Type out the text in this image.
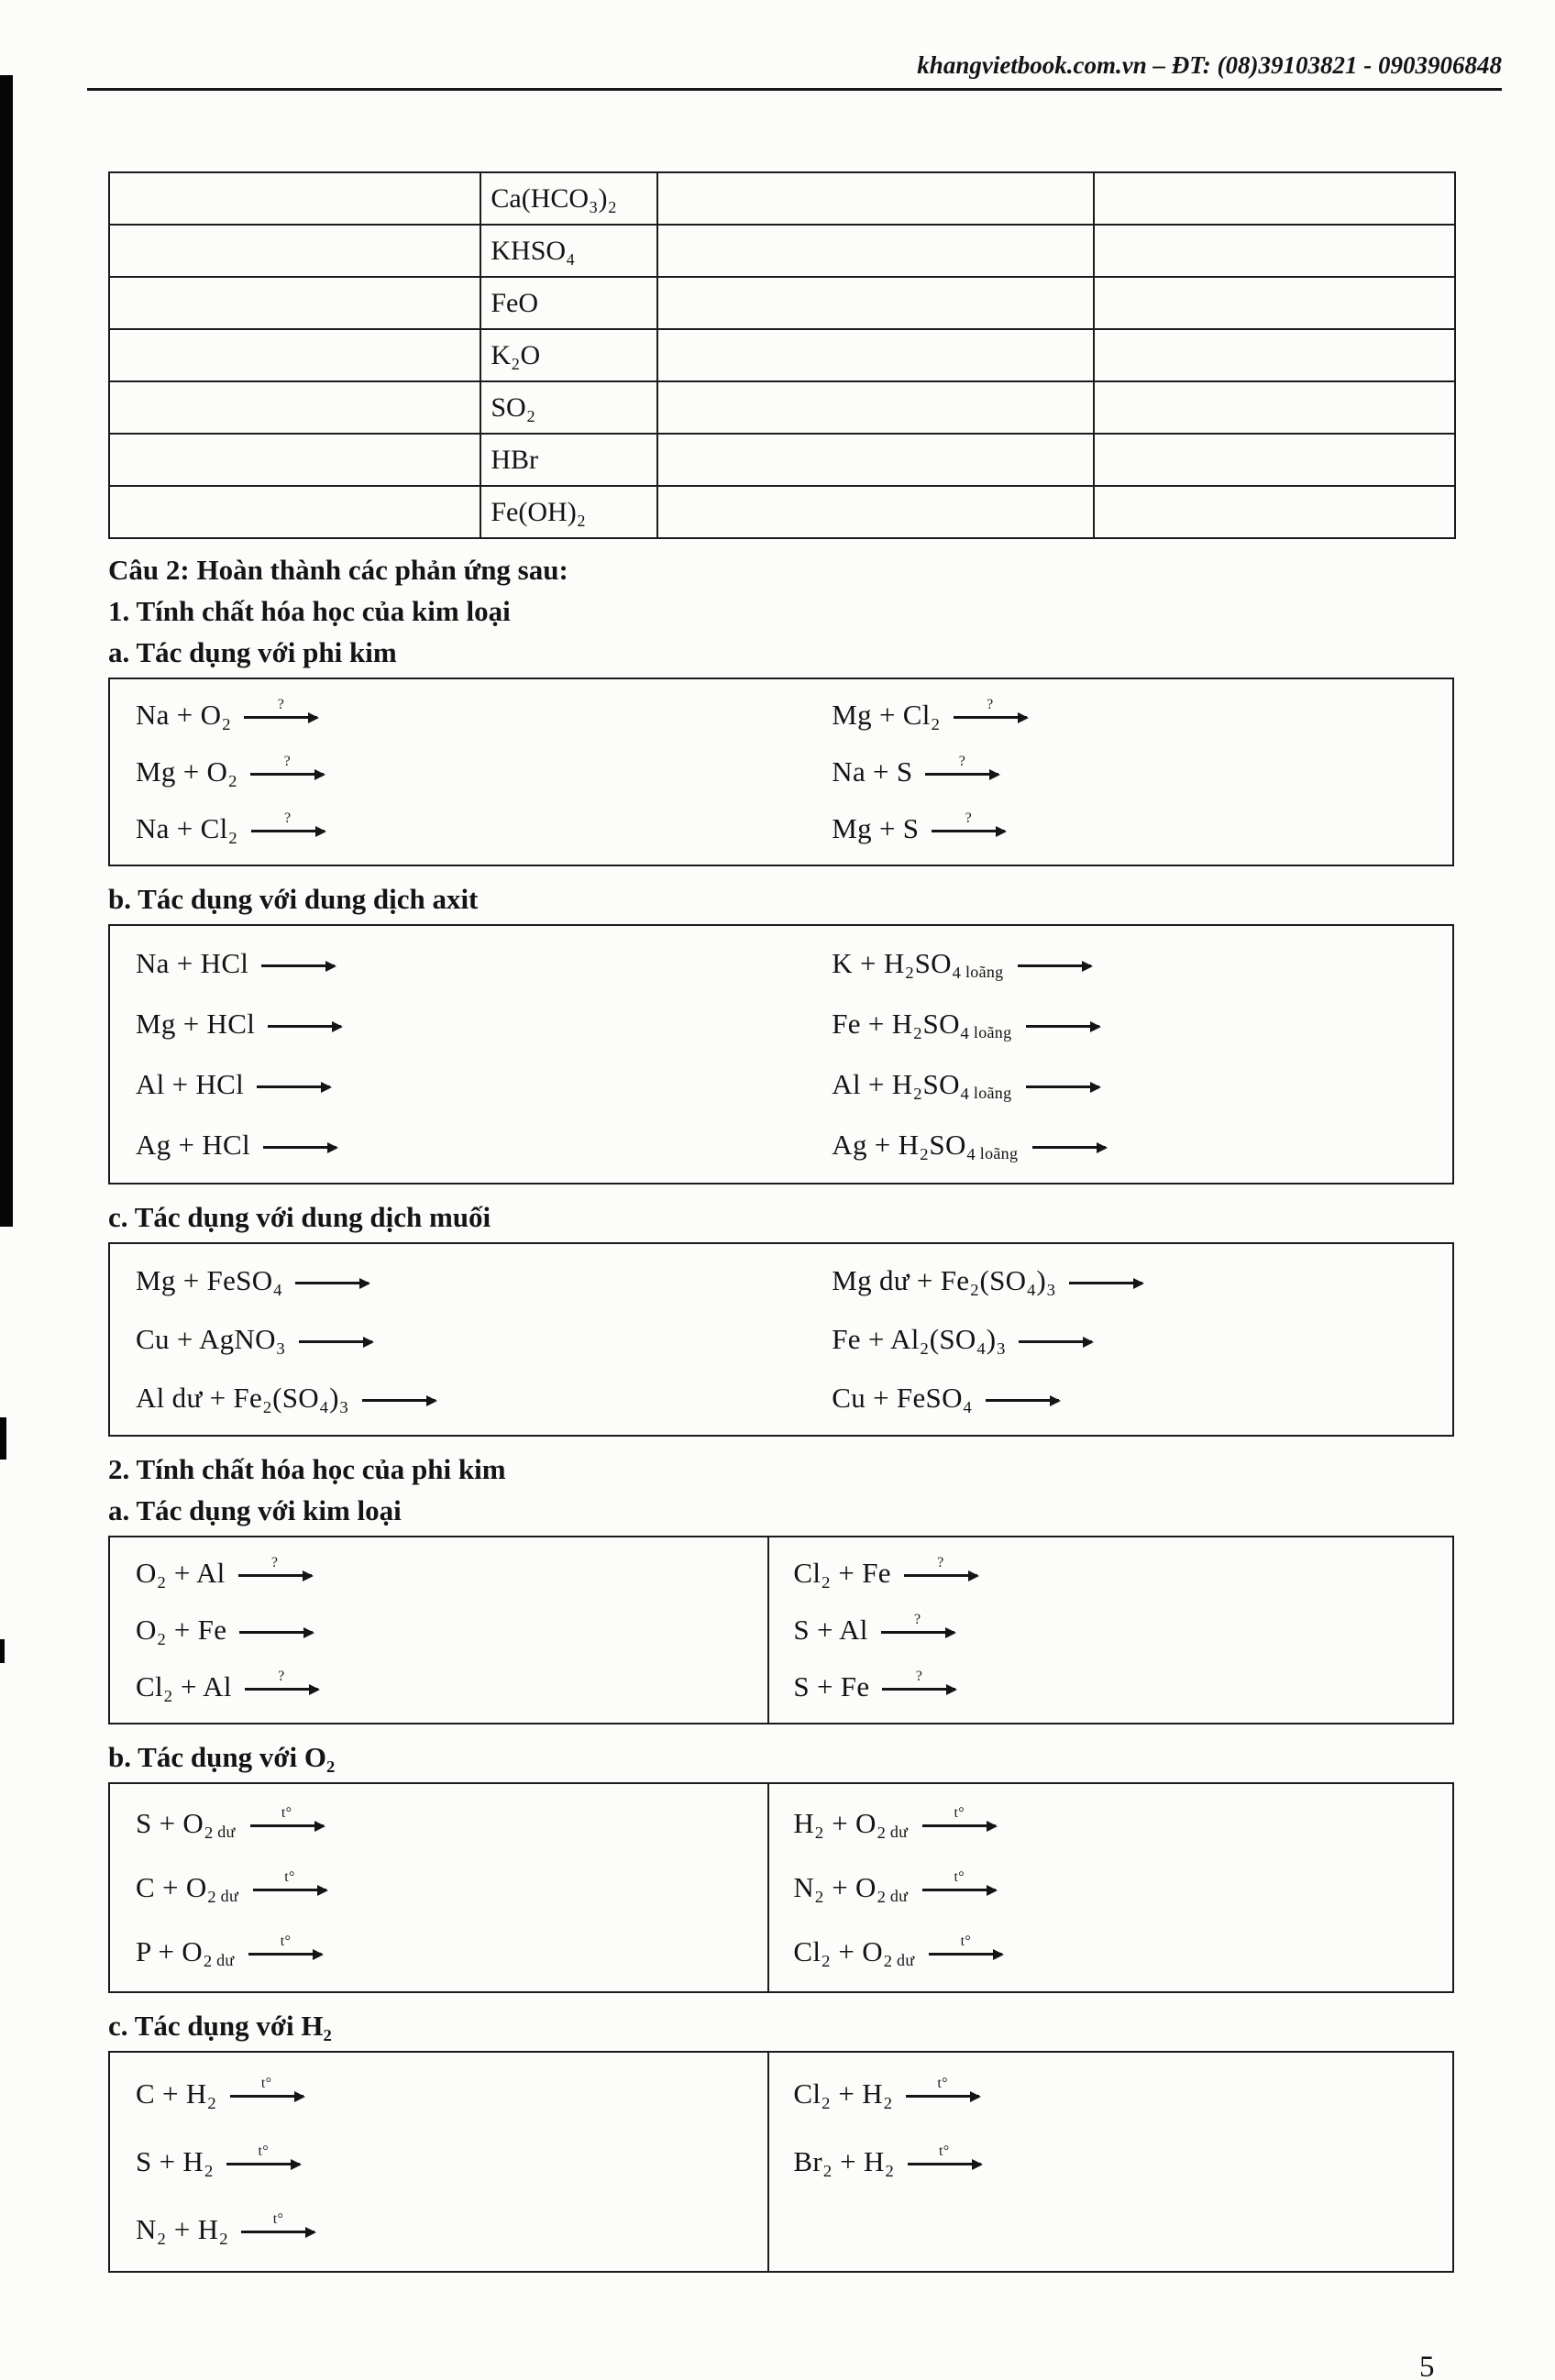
khangvietbook.com.vn – ĐT: (08)39103821 - 0903906848
	Ca(HCO₃)₂		
	KHSO₄		
	FeO		
	K₂O		
	SO₂		
	HBr		
	Fe(OH)₂		
Câu 2: Hoàn thành các phản ứng sau:
1. Tính chất hóa học của kim loại
a. Tác dụng với phi kim
Na + O₂

	?

Mg + O₂

	?

Na + Cl₂

	?

Mg + Cl₂

	?

Na + S

	?

Mg + S

	?

b. Tác dụng với dung dịch axit
Na + HCl

Mg + HCl

Al + HCl

Ag + HCl

K + H₂SO₄ loãng

Fe + H₂SO₄ loãng

Al + H₂SO₄ loãng

Ag + H₂SO₄ loãng

c. Tác dụng với dung dịch muối
Mg + FeSO₄

Cu + AgNO₃

Al dư + Fe₂(SO₄)₃

Mg dư + Fe₂(SO₄)₃

Fe + Al₂(SO₄)₃

Cu + FeSO₄

2. Tính chất hóa học của phi kim
a. Tác dụng với kim loại
O₂ + Al

	?

O₂ + Fe

Cl₂ + Al

	?

Cl₂ + Fe

	?

S + Al

	?

S + Fe

	?

b. Tác dụng với O₂
S + O₂ dư

t°

C + O₂ dư

t°

P + O₂ dư

t°

H₂ + O₂ dư

t°

N₂ + O₂ dư

t°

Cl₂ + O₂ dư

t°

c. Tác dụng với H₂
C + H₂

	t°

S + H₂

	t°

N₂ + H₂

	t°

Cl₂ + H₂

	t°

Br₂ + H₂

	t°

5
